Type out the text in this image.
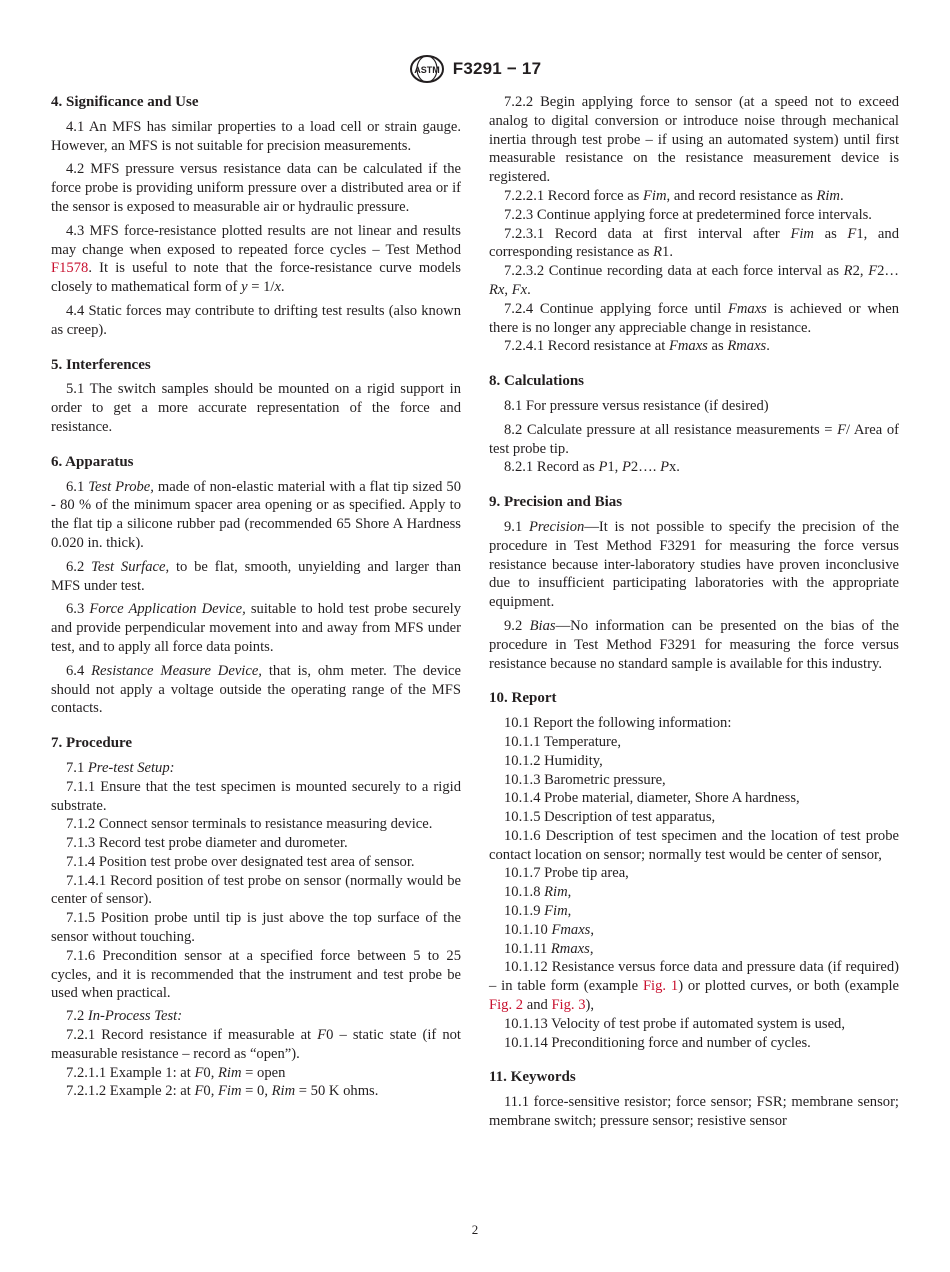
ASTM F3291 − 17
4. Significance and Use

4.1 An MFS has similar properties to a load cell or strain gauge. However, an MFS is not suitable for precision measurements.

4.2 MFS pressure versus resistance data can be calculated if the force probe is providing uniform pressure over a distributed area or if the sensor is exposed to measurable air or hydraulic pressure.

4.3 MFS force-resistance plotted results are not linear and results may change when exposed to repeated force cycles – Test Method F1578. It is useful to note that the force-resistance curve models closely to mathematical form of y = 1/x.

4.4 Static forces may contribute to drifting test results (also known as creep).

5. Interferences

5.1 The switch samples should be mounted on a rigid support in order to get a more accurate representation of the force and resistance.

6. Apparatus

6.1 Test Probe, made of non-elastic material with a flat tip sized 50 - 80 % of the minimum spacer area opening or as specified. Apply to the flat tip a silicone rubber pad (recommended 65 Shore A Hardness 0.020 in. thick).

6.2 Test Surface, to be flat, smooth, unyielding and larger than MFS under test.

6.3 Force Application Device, suitable to hold test probe securely and provide perpendicular movement into and away from MFS under test, and to apply all force data points.

6.4 Resistance Measure Device, that is, ohm meter. The device should not apply a voltage outside the operating range of the MFS contacts.

7. Procedure

7.1 Pre-test Setup:

7.1.1 Ensure that the test specimen is mounted securely to a rigid substrate.

7.1.2 Connect sensor terminals to resistance measuring device.

7.1.3 Record test probe diameter and durometer.

7.1.4 Position test probe over designated test area of sensor.

7.1.4.1 Record position of test probe on sensor (normally would be center of sensor).

7.1.5 Position probe until tip is just above the top surface of the sensor without touching.

7.1.6 Precondition sensor at a specified force between 5 to 25 cycles, and it is recommended that the instrument and test probe be used when practical.

7.2 In-Process Test:

7.2.1 Record resistance if measurable at F0 – static state (if not measurable resistance – record as “open”).

7.2.1.1 Example 1: at F0, Rim = open

7.2.1.2 Example 2: at F0, Fim = 0, Rim = 50 K ohms.

7.2.2 Begin applying force to sensor (at a speed not to exceed analog to digital conversion or introduce noise through mechanical inertia through test probe – if using an automated system) until first measurable resistance on the resistance measurement device is registered.

7.2.2.1 Record force as Fim, and record resistance as Rim.

7.2.3 Continue applying force at predetermined force intervals.

7.2.3.1 Record data at first interval after Fim as F1, and corresponding resistance as R1.

7.2.3.2 Continue recording data at each force interval as R2, F2… Rx, Fx.

7.2.4 Continue applying force until Fmaxs is achieved or when there is no longer any appreciable change in resistance.

7.2.4.1 Record resistance at Fmaxs as Rmaxs.

8. Calculations

8.1 For pressure versus resistance (if desired)

8.2 Calculate pressure at all resistance measurements = F/ Area of test probe tip.

8.2.1 Record as P1, P2…. Px.

9. Precision and Bias

9.1 Precision—It is not possible to specify the precision of the procedure in Test Method F3291 for measuring the force versus resistance because inter-laboratory studies have proven inconclusive due to insufficient participating laboratories with the appropriate equipment.

9.2 Bias—No information can be presented on the bias of the procedure in Test Method F3291 for measuring the force versus resistance because no standard sample is available for this industry.

10. Report

10.1 Report the following information:

10.1.1 Temperature,

10.1.2 Humidity,

10.1.3 Barometric pressure,

10.1.4 Probe material, diameter, Shore A hardness,

10.1.5 Description of test apparatus,

10.1.6 Description of test specimen and the location of test probe contact location on sensor; normally test would be center of sensor,

10.1.7 Probe tip area,

10.1.8 Rim,

10.1.9 Fim,

10.1.10 Fmaxs,

10.1.11 Rmaxs,

10.1.12 Resistance versus force data and pressure data (if required) – in table form (example Fig. 1) or plotted curves, or both (example Fig. 2 and Fig. 3),

10.1.13 Velocity of test probe if automated system is used,

10.1.14 Preconditioning force and number of cycles.

11. Keywords

11.1 force-sensitive resistor; force sensor; FSR; membrane sensor; membrane switch; pressure sensor; resistive sensor

2
